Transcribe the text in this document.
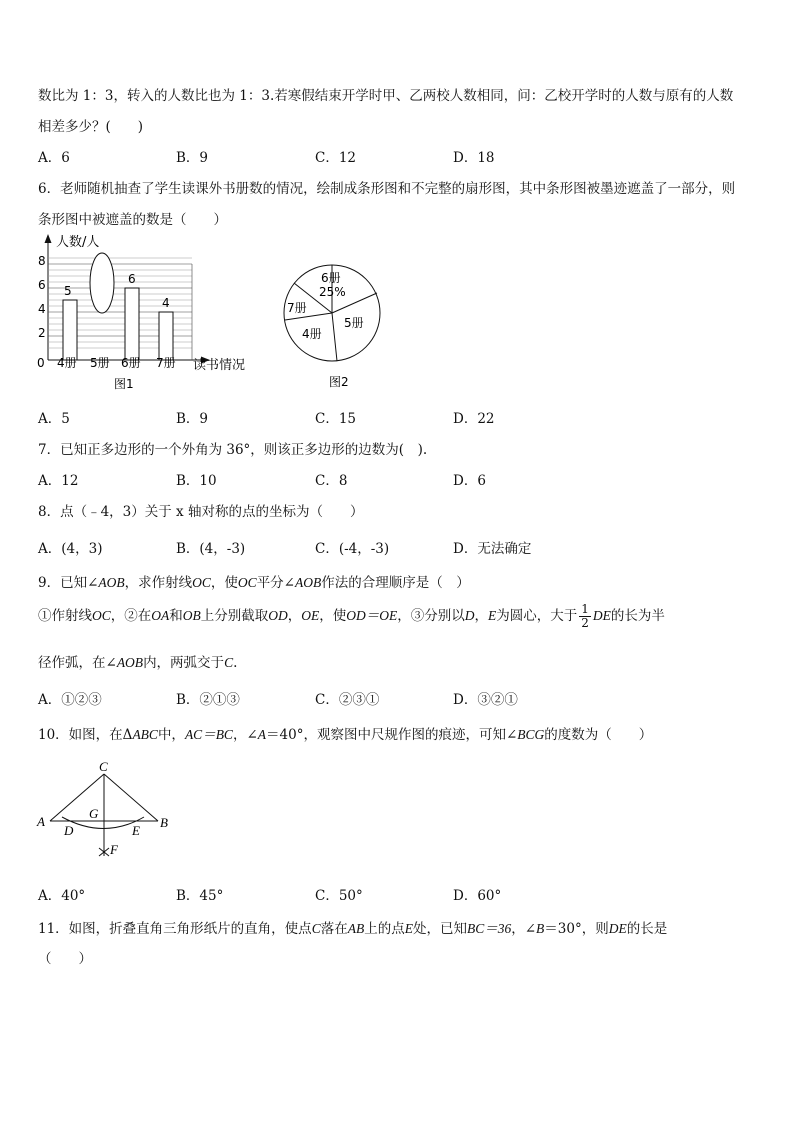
数比为 1：3，转入的人数比也为 1：3.若寒假结束开学时甲、乙两校人数相同，问：乙校开学时的人数与原有的人数
相差多少？(　　)
A．6	B．9	C．12	D．18
6．老师随机抽查了学生读课外书册数的情况，绘制成条形图和不完整的扇形图，其中条形图被墨迹遮盖了一部分，则
条形图中被遮盖的数是（　　）
人数/人
8
6
4
2
0
5
6
4
4册 5册 6册 7册 读书情况
图1
6册
25%
7册
4册
5册
图2
A．5	B．9	C．15	D．22
7．已知正多边形的一个外角为 36°，则该正多边形的边数为(　).
A．12	B．10	C．8	D．6
8．点（﹣4，3）关于 x 轴对称的点的坐标为（　　）
A．(4，3)	B．(4，-3)	C．(-4，-3)	D．无法确定
9．已知∠AOB，求作射线OC，使OC平分∠AOB作法的合理顺序是（　）
①作射线OC，②在OA和OB上分别截取OD，OE，使OD＝OE，③分别以D，E为圆心，大于 $\frac{1}{2}$ DE的长为半
径作弧，在∠AOB内，两弧交于C.
A．①②③	B．②①③	C．②③①	D．③②①
10．如图，在ΔABC中，AC＝BC，∠A＝40°，观察图中尺规作图的痕迹，可知∠BCG的度数为（　　）
C
A
G
B
D	E
F
A．40°	B．45°	C．50°	D．60°
11．如图，折叠直角三角形纸片的直角，使点C落在AB上的点E处，已知BC＝36，∠B＝30°，则DE的长是
（　　）
